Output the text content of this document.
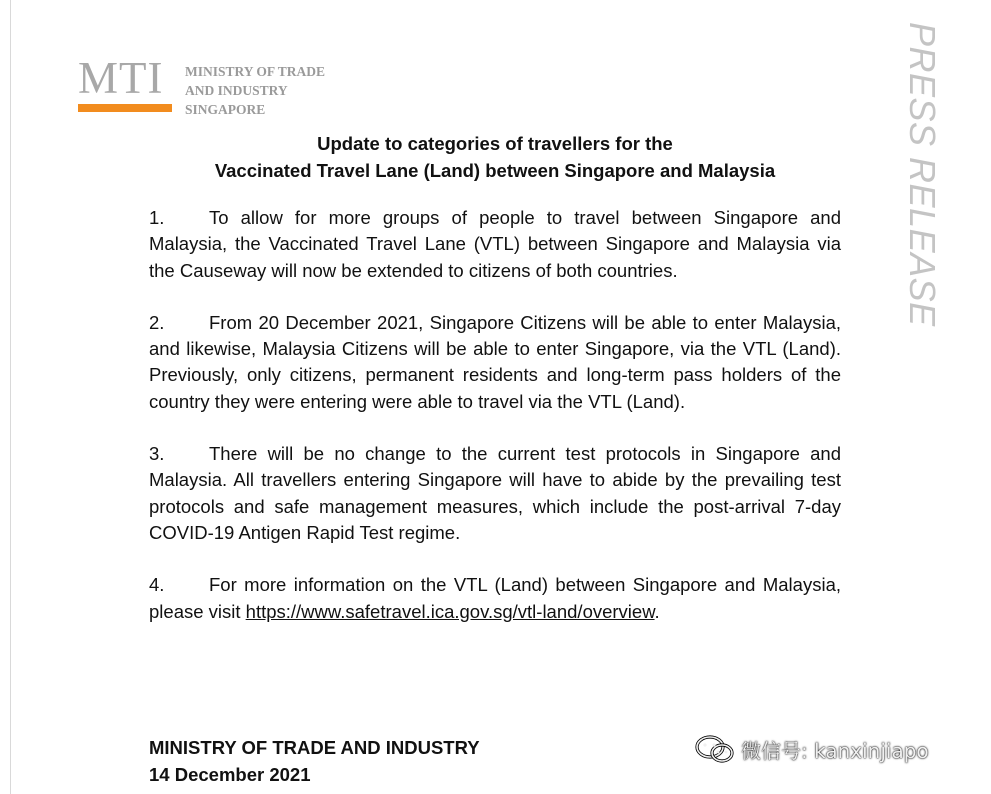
MTI MINISTRY OF TRADE
AND INDUSTRY
SINGAPORE	PRESS RELEASE
Update to categories of travellers for the
Vaccinated Travel Lane (Land) between Singapore and Malaysia

1. To allow for more groups of people to travel between Singapore and Malaysia, the Vaccinated Travel Lane (VTL) between Singapore and Malaysia via the Causeway will now be extended to citizens of both countries.

2. From 20 December 2021, Singapore Citizens will be able to enter Malaysia, and likewise, Malaysia Citizens will be able to enter Singapore, via the VTL (Land). Previously, only citizens, permanent residents and long-term pass holders of the country they were entering were able to travel via the VTL (Land).

3. There will be no change to the current test protocols in Singapore and Malaysia. All travellers entering Singapore will have to abide by the prevailing test protocols and safe management measures, which include the post-arrival 7-day COVID-19 Antigen Rapid Test regime.

4. For more information on the VTL (Land) between Singapore and Malaysia, please visit https://www.safetravel.ica.gov.sg/vtl-land/overview.

MINISTRY OF TRADE AND INDUSTRY
14 December 2021
微信号: kanxinjiapo
